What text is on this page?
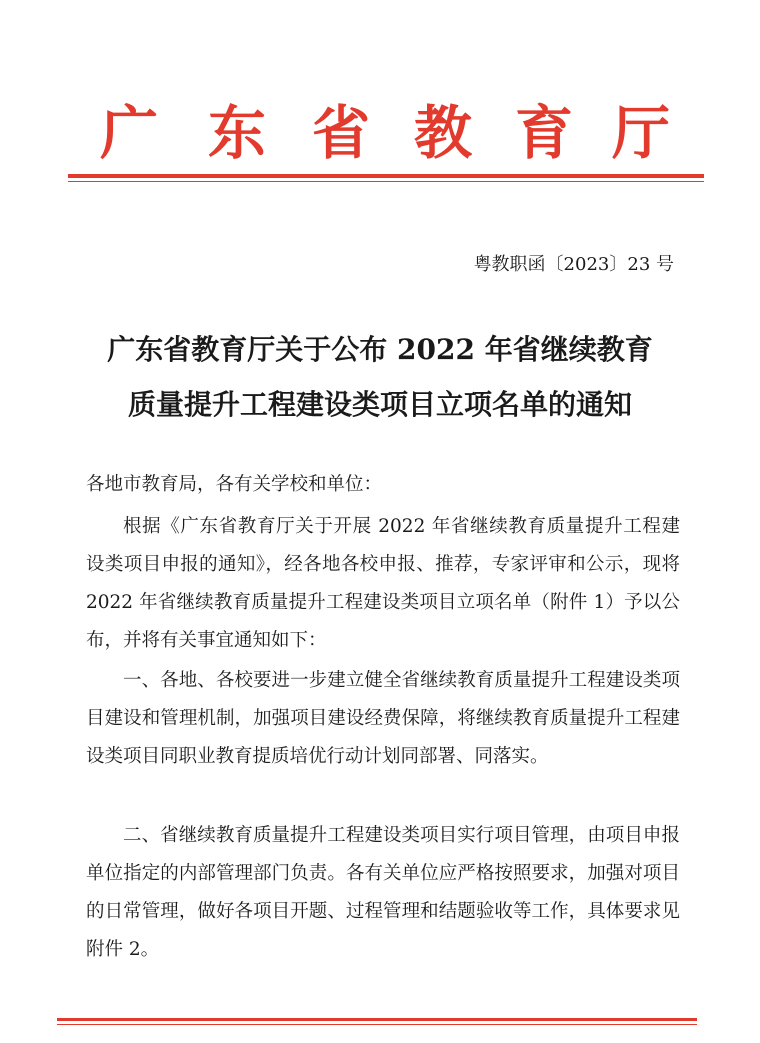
广 东 省 教 育 厅
粤教职函〔2023〕23 号
广东省教育厅关于公布 2022 年省继续教育
质量提升工程建设类项目立项名单的通知
各地市教育局，各有关学校和单位：
根据《广东省教育厅关于开展 2022 年省继续教育质量提升工程建设类项目申报的通知》，经各地各校申报、推荐，专家评审和公示，现将 2022 年省继续教育质量提升工程建设类项目立项名单（附件 1）予以公布，并将有关事宜通知如下：
一、各地、各校要进一步建立健全省继续教育质量提升工程建设类项目建设和管理机制，加强项目建设经费保障，将继续教育质量提升工程建设类项目同职业教育提质培优行动计划同部署、同落实。
二、省继续教育质量提升工程建设类项目实行项目管理，由项目申报单位指定的内部管理部门负责。各有关单位应严格按照要求，加强对项目的日常管理，做好各项目开题、过程管理和结题验收等工作，具体要求见附件 2。
